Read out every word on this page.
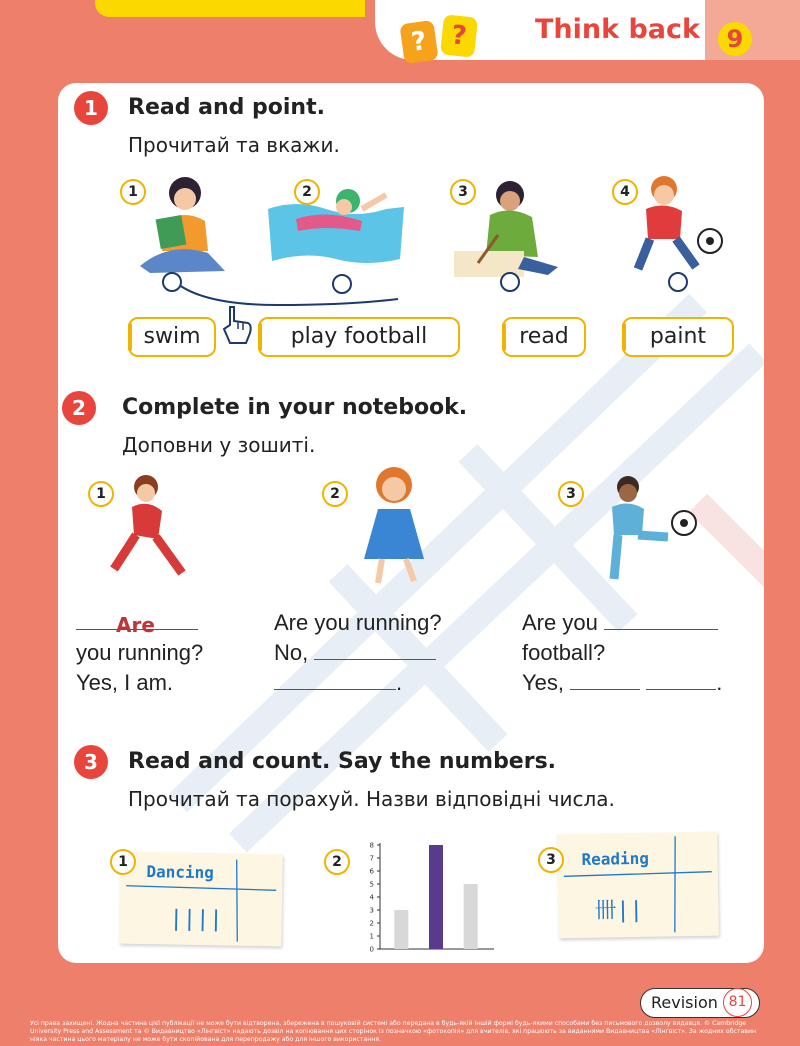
? ?	Think back	9
1	Read and point.
Прочитай та вкажи.
1	2	3	4
swim	play football	read	paint
2	Complete in your notebook.
Доповни у зошиті.
1	2	3
Are
you running?
Yes, I am.
Are you running?
No,
.
Are you
football?
Yes,	.
3	Read and count. Say the numbers.
Прочитай та порахуй. Назви відповідні числа.
Dancing
||||
1	2
0
1
2
3
4
5
6
7
8
Reading
卌||
3
Revision 81
Усі права захищені. Жодна частина цієї публікації не може бути відтворена, збережена в пошуковій системі або передана в будь-якій іншій формі будь-якими способами без письмового дозволу видавця. © Cambridge University Press and Assessment та © Видавництво «Лінгвіст» надають дозвіл на копіювання цих сторінок із позначкою «фотокопія» для вчителів, які працюють за виданнями Видавництва «Лінгвіст». За жодних обставин ніяка частина цього матеріалу не може бути скопійована для перепродажу або для іншого використання.
